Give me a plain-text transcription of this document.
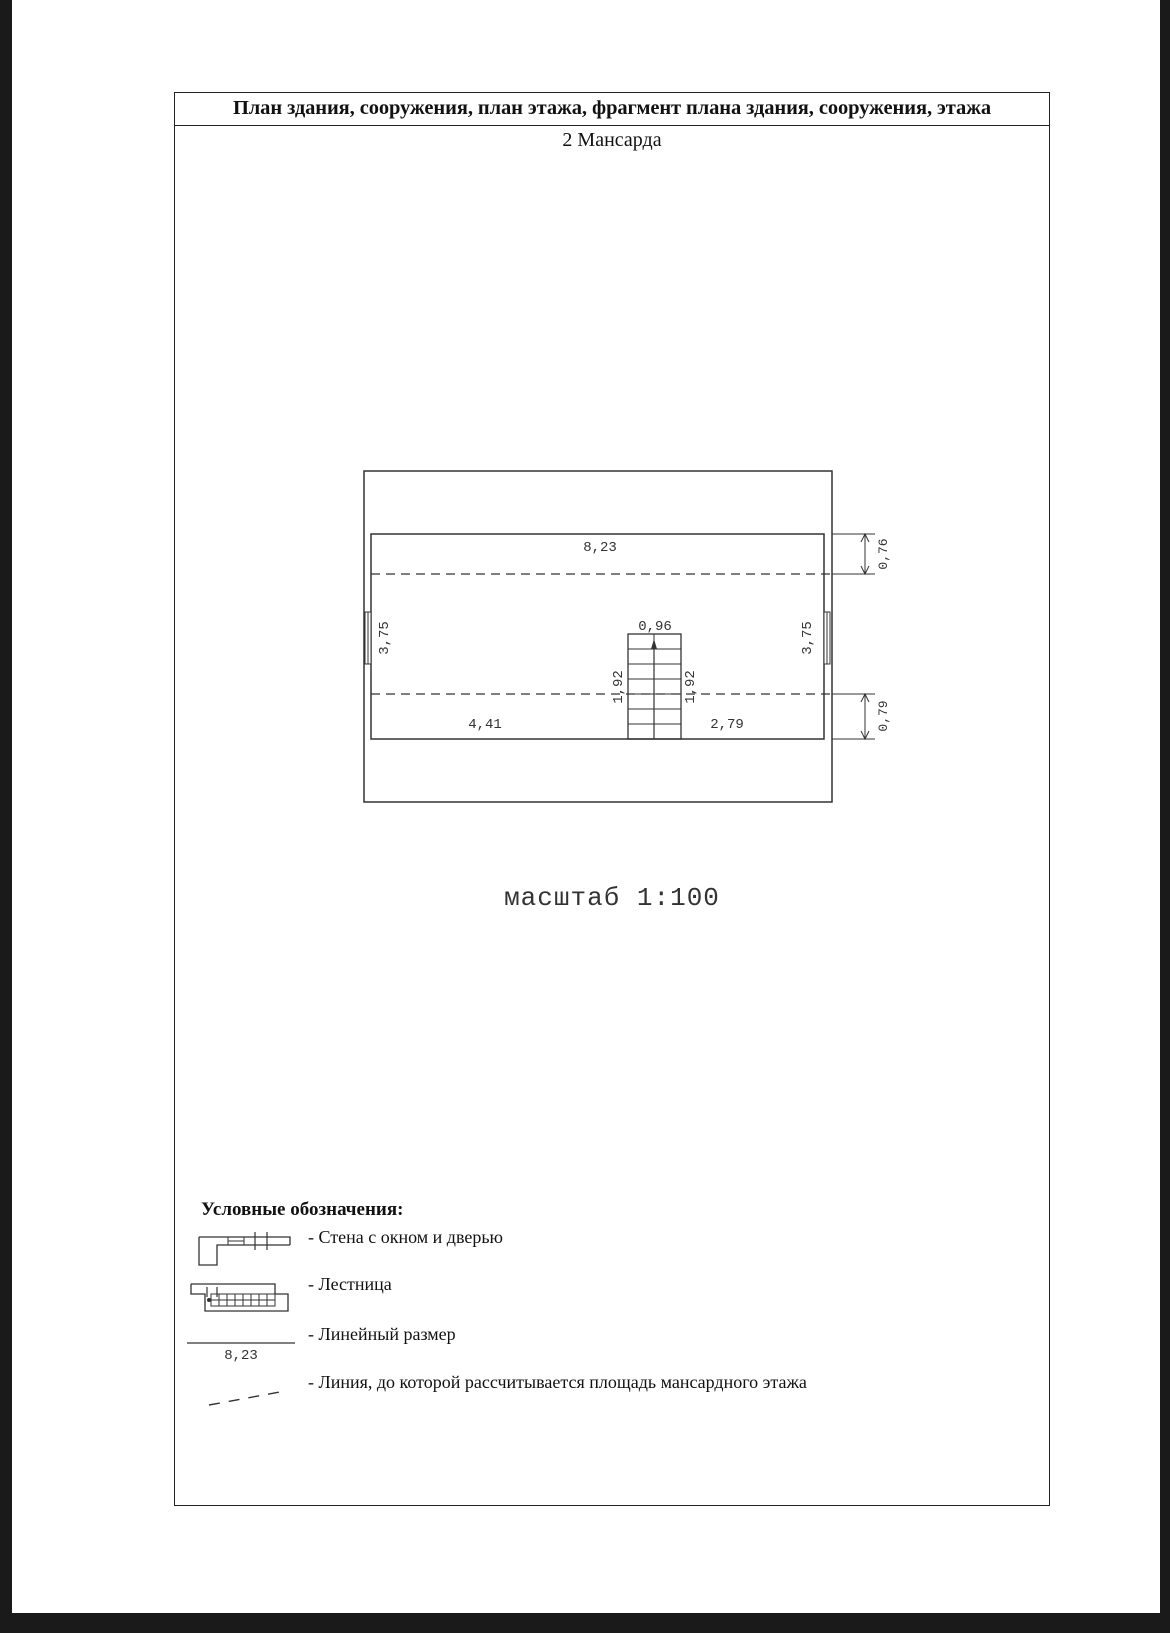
План здания, сооружения, план этажа, фрагмент плана здания, сооружения, этажа
2 Мансарда
8,23
3,75	3,75
4,41	2,79
0,96
1,92	1,92
0,76
0,79
8,23
масштаб 1:100
Условные обозначения:
- Стена с окном и дверью
- Лестница
- Линейный размер
- Линия, до которой рассчитывается площадь мансардного этажа
